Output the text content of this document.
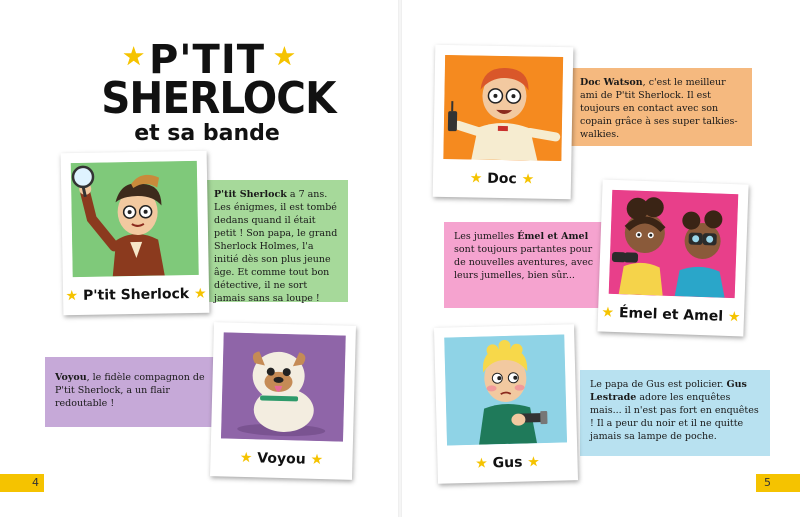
★	★
P'TIT
SHERLOCK
et sa bande
P'tit Sherlock a 7 ans. Les énigmes, il est tombé dedans quand il était petit ! Son papa, le grand Sherlock Holmes, l'a initié dès son plus jeune âge. Et comme tout bon détective, il ne sort jamais sans sa loupe !
★ P'tit Sherlock ★
Voyou, le fidèle compagnon de P'tit Sherlock, a un flair redoutable !
★ Voyou ★
Doc Watson, c'est le meilleur ami de P'tit Sherlock. Il est toujours en contact avec son copain grâce à ses super talkies-walkies.
★ Doc ★
Les jumelles Émel et Amel sont toujours partantes pour de nouvelles aventures, avec leurs jumelles, bien sûr...
★ Émel et Amel ★
Le papa de Gus est policier. Gus Lestrade adore les enquêtes mais... il n'est pas fort en enquêtes ! Il a peur du noir et il ne quitte jamais sa lampe de poche.
★ Gus ★
4	5
